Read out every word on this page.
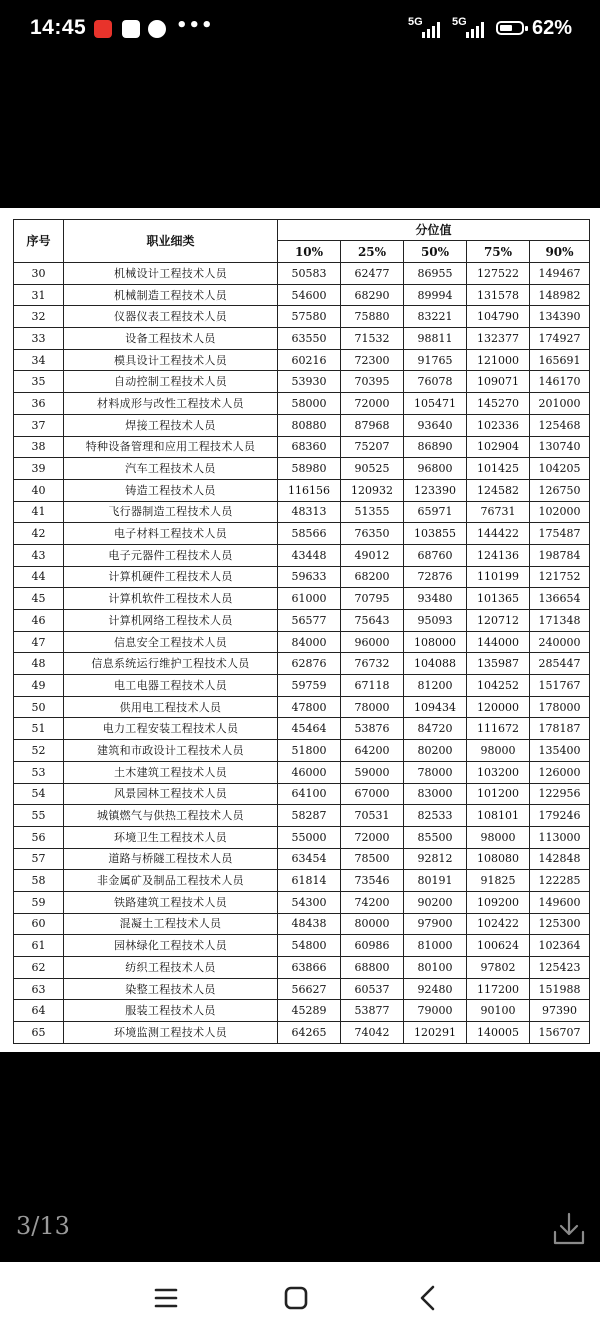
14:45	•••	5G	5G	62%
序号	职业细类	分位值				
		10%	25%	50%	75%	90%
30	机械设计工程技术人员	50583	62477	86955	127522	149467
31	机械制造工程技术人员	54600	68290	89994	131578	148982
32	仪器仪表工程技术人员	57580	75880	83221	104790	134390
33	设备工程技术人员	63550	71532	98811	132377	174927
34	模具设计工程技术人员	60216	72300	91765	121000	165691
35	自动控制工程技术人员	53930	70395	76078	109071	146170
36	材料成形与改性工程技术人员	58000	72000	105471	145270	201000
37	焊接工程技术人员	80880	87968	93640	102336	125468
38	特种设备管理和应用工程技术人员	68360	75207	86890	102904	130740
39	汽车工程技术人员	58980	90525	96800	101425	104205
40	铸造工程技术人员	116156	120932	123390	124582	126750
41	飞行器制造工程技术人员	48313	51355	65971	76731	102000
42	电子材料工程技术人员	58566	76350	103855	144422	175487
43	电子元器件工程技术人员	43448	49012	68760	124136	198784
44	计算机硬件工程技术人员	59633	68200	72876	110199	121752
45	计算机软件工程技术人员	61000	70795	93480	101365	136654
46	计算机网络工程技术人员	56577	75643	95093	120712	171348
47	信息安全工程技术人员	84000	96000	108000	144000	240000
48	信息系统运行维护工程技术人员	62876	76732	104088	135987	285447
49	电工电器工程技术人员	59759	67118	81200	104252	151767
50	供用电工程技术人员	47800	78000	109434	120000	178000
51	电力工程安装工程技术人员	45464	53876	84720	111672	178187
52	建筑和市政设计工程技术人员	51800	64200	80200	98000	135400
53	土木建筑工程技术人员	46000	59000	78000	103200	126000
54	风景园林工程技术人员	64100	67000	83000	101200	122956
55	城镇燃气与供热工程技术人员	58287	70531	82533	108101	179246
56	环境卫生工程技术人员	55000	72000	85500	98000	113000
57	道路与桥隧工程技术人员	63454	78500	92812	108080	142848
58	非金属矿及制品工程技术人员	61814	73546	80191	91825	122285
59	铁路建筑工程技术人员	54300	74200	90200	109200	149600
60	混凝土工程技术人员	48438	80000	97900	102422	125300
61	园林绿化工程技术人员	54800	60986	81000	100624	102364
62	纺织工程技术人员	63866	68800	80100	97802	125423
63	染整工程技术人员	56627	60537	92480	117200	151988
64	服装工程技术人员	45289	53877	79000	90100	97390
65	环境监测工程技术人员	64265	74042	120291	140005	156707
3/13
